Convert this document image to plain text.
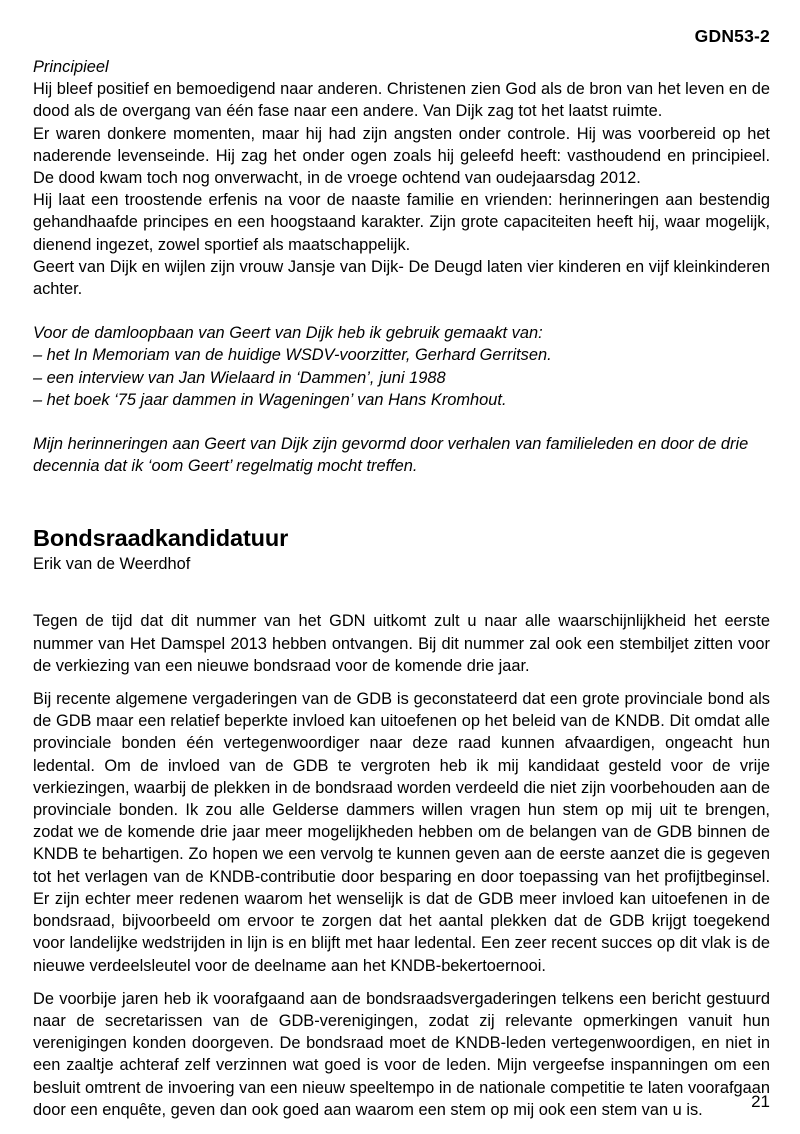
GDN53-2
Principieel

Hij bleef positief en bemoedigend naar anderen. Christenen zien God als de bron van het leven en de dood als de overgang van één fase naar een andere. Van Dijk zag tot het laatst ruimte.

Er waren donkere momenten, maar hij had zijn angsten onder controle. Hij was voorbereid op het naderende levenseinde. Hij zag het onder ogen zoals hij geleefd heeft: vasthoudend en principieel. De dood kwam toch nog onverwacht, in de vroege ochtend van oudejaarsdag 2012.

Hij laat een troostende erfenis na voor de naaste familie en vrienden: herinneringen aan bestendig gehandhaafde principes en een hoogstaand karakter. Zijn grote capaciteiten heeft hij, waar mogelijk, dienend ingezet, zowel sportief als maatschappelijk.

Geert van Dijk en wijlen zijn vrouw Jansje van Dijk- De Deugd laten vier kinderen en vijf kleinkinderen achter.

Voor de damloopbaan van Geert van Dijk heb ik gebruik gemaakt van:

– het In Memoriam van de huidige WSDV-voorzitter, Gerhard Gerritsen.

– een interview van Jan Wielaard in ‘Dammen’, juni 1988

– het boek ‘75 jaar dammen in Wageningen’ van Hans Kromhout.

Mijn herinneringen aan Geert van Dijk zijn gevormd door verhalen van familieleden en door de drie decennia dat ik ‘oom Geert’ regelmatig mocht treffen.

Bondsraadkandidatuur
Erik van de Weerdhof

Tegen de tijd dat dit nummer van het GDN uitkomt zult u naar alle waarschijnlijkheid het eerste nummer van Het Damspel 2013 hebben ontvangen. Bij dit nummer zal ook een stembiljet zitten voor de verkiezing van een nieuwe bondsraad voor de komende drie jaar.

Bij recente algemene vergaderingen van de GDB is geconstateerd dat een grote provinciale bond als de GDB maar een relatief beperkte invloed kan uitoefenen op het beleid van de KNDB. Dit omdat alle provinciale bonden één vertegenwoordiger naar deze raad kunnen afvaardigen, ongeacht hun ledental. Om de invloed van de GDB te vergroten heb ik mij kandidaat gesteld voor de vrije verkiezingen, waarbij de plekken in de bondsraad worden verdeeld die niet zijn voorbehouden aan de provinciale bonden. Ik zou alle Gelderse dammers willen vragen hun stem op mij uit te brengen, zodat we de komende drie jaar meer mogelijkheden hebben om de belangen van de GDB binnen de KNDB te behartigen. Zo hopen we een vervolg te kunnen geven aan de eerste aanzet die is gegeven tot het verlagen van de KNDB-contributie door besparing en door toepassing van het profijtbeginsel. Er zijn echter meer redenen waarom het wenselijk is dat de GDB meer invloed kan uitoefenen in de bondsraad, bijvoorbeeld om ervoor te zorgen dat het aantal plekken dat de GDB krijgt toegekend voor landelijke wedstrijden in lijn is en blijft met haar ledental. Een zeer recent succes op dit vlak is de nieuwe verdeelsleutel voor de deelname aan het KNDB-bekertoernooi.

De voorbije jaren heb ik voorafgaand aan de bondsraadsvergaderingen telkens een bericht gestuurd naar de secretarissen van de GDB-verenigingen, zodat zij relevante opmerkingen vanuit hun verenigingen konden doorgeven. De bondsraad moet de KNDB-leden vertegenwoordigen, en niet in een zaaltje achteraf zelf verzinnen wat goed is voor de leden. Mijn vergeefse inspanningen om een besluit omtrent de invoering van een nieuw speeltempo in de nationale competitie te laten voorafgaan door een enquête, geven dan ook goed aan waarom een stem op mij ook een stem van u is.	21
